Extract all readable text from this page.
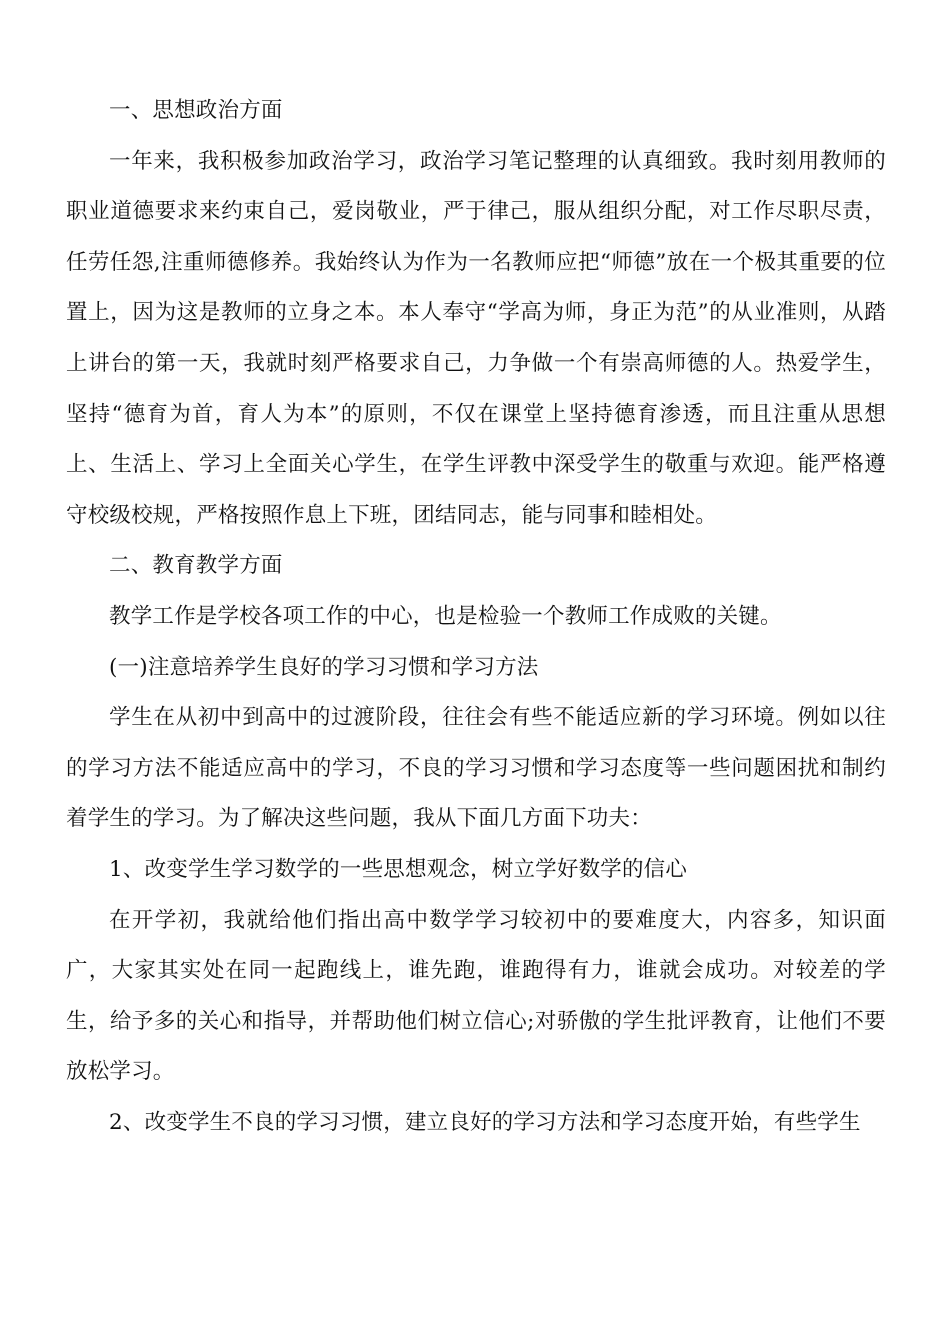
一、思想政治方面

一年来，我积极参加政治学习，政治学习笔记整理的认真细致。我时刻用教师的职业道德要求来约束自己，爱岗敬业，严于律己，服从组织分配，对工作尽职尽责，任劳任怨,注重师德修养。我始终认为作为一名教师应把“师德”放在一个极其重要的位置上，因为这是教师的立身之本。本人奉守“学高为师，身正为范”的从业准则，从踏上讲台的第一天，我就时刻严格要求自己，力争做一个有崇高师德的人。热爱学生，坚持“德育为首，育人为本”的原则，不仅在课堂上坚持德育渗透，而且注重从思想上、生活上、学习上全面关心学生，在学生评教中深受学生的敬重与欢迎。能严格遵守校级校规，严格按照作息上下班，团结同志，能与同事和睦相处。

二、教育教学方面

教学工作是学校各项工作的中心，也是检验一个教师工作成败的关键。

(一)注意培养学生良好的学习习惯和学习方法

学生在从初中到高中的过渡阶段，往往会有些不能适应新的学习环境。例如以往的学习方法不能适应高中的学习，不良的学习习惯和学习态度等一些问题困扰和制约着学生的学习。为了解决这些问题，我从下面几方面下功夫：

1、改变学生学习数学的一些思想观念，树立学好数学的信心

在开学初，我就给他们指出高中数学学习较初中的要难度大，内容多，知识面广，大家其实处在同一起跑线上，谁先跑，谁跑得有力，谁就会成功。对较差的学生，给予多的关心和指导，并帮助他们树立信心;对骄傲的学生批评教育，让他们不要放松学习。

2、改变学生不良的学习习惯，建立良好的学习方法和学习态度开始，有些学生
